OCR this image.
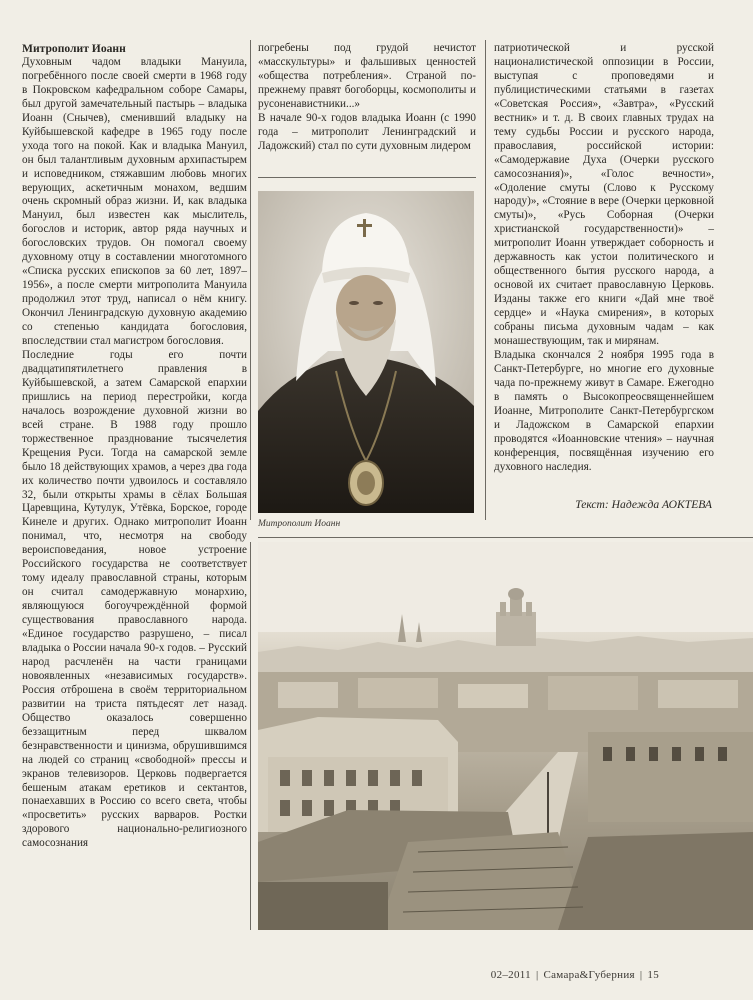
Митрополит Иоанн

Духовным чадом владыки Мануила, погребённого после своей смерти в 1968 году в Покровском кафедральном соборе Самары, был другой замечательный пастырь – владыка Иоанн (Снычев), сменивший владыку на Куйбышевской кафедре в 1965 году после ухода того на покой. Как и владыка Мануил, он был талантливым духовным архипастырем и исповедником, стяжавшим любовь многих верующих, аскетичным монахом, ведшим очень скромный образ жизни. И, как владыка Мануил, был известен как мыслитель, богослов и историк, автор ряда научных и богословских трудов. Он помогал своему духовному отцу в составлении многотомного «Списка русских епископов за 60 лет, 1897–1956», а после смерти митрополита Мануила продолжил этот труд, написал о нём книгу. Окончил Ленинградскую духовную академию со степенью кандидата богословия, впоследствии стал магистром богословия.

Последние годы его почти двадцатипятилетнего правления в Куйбышевской, а затем Самарской епархии пришлись на период перестройки, когда началось возрождение духовной жизни во всей стране. В 1988 году прошло торжественное празднование тысячелетия Крещения Руси. Тогда на самарской земле было 18 действующих храмов, а через два года их количество почти удвоилось и составляло 32, были открыты храмы в сёлах Большая Царевщина, Кутулук, Утёвка, Борское, городе Кинеле и других. Однако митрополит Иоанн понимал, что, несмотря на свободу вероисповедания, новое устроение Российского государства не соответствует тому идеалу православной страны, которым он считал самодержавную монархию, являющуюся богоучреждённой формой существования православного народа. «Единое государство разрушено, – писал владыка о России начала 90-х годов. – Русский народ расчленён на части границами новоявленных «независимых государств». Россия отброшена в своём территориальном развитии на триста пятьдесят лет назад. Общество оказалось совершенно беззащитным перед шквалом безнравственности и цинизма, обрушившимся на людей со страниц «свободной» прессы и экранов телевизоров. Церковь подвергается бешеным атакам еретиков и сектантов, понаехавших в Россию со всего света, чтобы «просветить» русских варваров. Ростки здорового национально-религиозного самосознания

погребены под грудой нечистот «масскультуры» и фальшивых ценностей «общества потребления». Страной по-прежнему правят богоборцы, космополиты и русоненавистники...»

В начале 90-х годов владыка Иоанн (с 1990 года – митрополит Ленинградский и Ладожский) стал по сути духовным лидером

Митрополит Иоанн

патриотической и русской националистической оппозиции в России, выступая с проповедями и публицистическими статьями в газетах «Советская Россия», «Завтра», «Русский вестник» и т. д. В своих главных трудах на тему судьбы России и русского народа, православия, российской истории: «Самодержавие Духа (Очерки русского самосознания)», «Голос вечности», «Одоление смуты (Слово к Русскому народу)», «Стояние в вере (Очерки церковной смуты)», «Русь Соборная (Очерки христианской государственности)» – митрополит Иоанн утверждает соборность и державность как устои политического и общественного бытия русского народа, а основой их считает православную Церковь. Изданы также его книги «Дай мне твоё сердце» и «Наука смирения», в которых собраны письма духовным чадам – как монашествующим, так и мирянам.

Владыка скончался 2 ноября 1995 года в Санкт-Петербурге, но многие его духовные чада по-прежнему живут в Самаре. Ежегодно в память о Высокопреосвященнейшем Иоанне, Митрополите Санкт-Петербургском и Ладожском в Самарской епархии проводятся «Иоанновские чтения» – научная конференция, посвящённая изучению его духовного наследия.

Текст: Надежда АОКТЕВА
02–2011 | Самара&Губерния | 15
